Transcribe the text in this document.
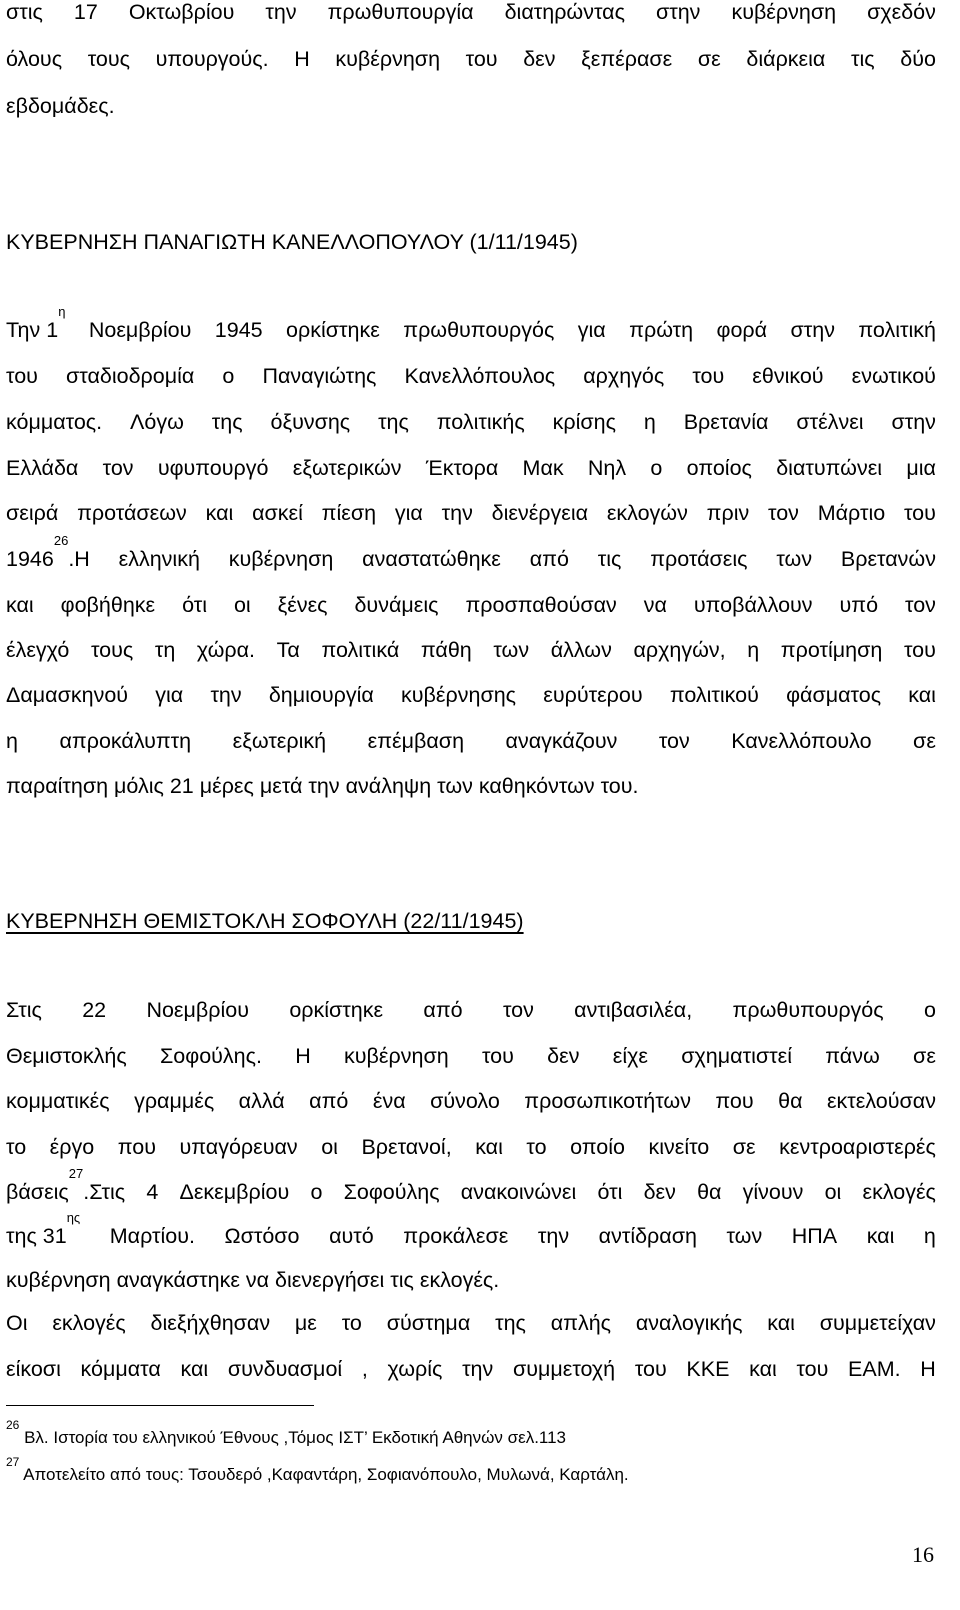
στις 17 Οκτωβρίου την πρωθυπουργία διατηρώντας στην κυβέρνηση σχεδόν
όλους τους υπουργούς. Η κυβέρνηση του δεν ξεπέρασε σε διάρκεια τις δύο
εβδομάδες.
ΚΥΒΕΡΝΗΣΗ ΠΑΝΑΓΙΩΤΗ ΚΑΝΕΛΛΟΠΟΥΛΟΥ (1/11/1945)
Την $1^\eta$
Νοεμβρίου 1945 ορκίστηκε πρωθυπουργός για πρώτη φορά στην πολιτική
του σταδιοδρομία ο Παναγιώτης Κανελλόπουλος αρχηγός του εθνικού ενωτικού
κόμματος. Λόγω της όξυνσης της πολιτικής κρίσης η Βρετανία στέλνει στην
Ελλάδα τον υφυπουργό εξωτερικών Έκτορα Μακ Νηλ ο οποίος διατυπώνει μια
σειρά προτάσεων και ασκεί πίεση για την διενέργεια εκλογών πριν τον Μάρτιο του
1946$^{26}$.Η ελληνική κυβέρνηση αναστατώθηκε από τις προτάσεις των Βρετανών
και φοβήθηκε ότι οι ξένες δυνάμεις προσπαθούσαν να υποβάλλουν υπό τον
έλεγχό τους τη χώρα. Τα πολιτικά πάθη των άλλων αρχηγών, η προτίμηση του
Δαμασκηνού για την δημιουργία κυβέρνησης ευρύτερου πολιτικού φάσματος και
η απροκάλυπτη εξωτερική επέμβαση αναγκάζουν τον Κανελλόπουλο σε
παραίτηση μόλις 21 μέρες μετά την ανάληψη των καθηκόντων του.
ΚΥΒΕΡΝΗΣΗ ΘΕΜΙΣΤΟΚΛΗ ΣΟΦΟΥΛΗ (22/11/1945)
Στις 22 Νοεμβρίου ορκίστηκε από τον αντιβασιλέα, πρωθυπουργός ο
Θεμιστοκλής Σοφούλης. Η κυβέρνηση του δεν είχε σχηματιστεί πάνω σε
κομματικές γραμμές αλλά από ένα σύνολο προσωπικοτήτων που θα εκτελούσαν
το έργο που υπαγόρευαν οι Βρετανοί, και το οποίο κινείτο σε κεντροαριστερές
βάσεις$^{27}$.Στις 4 Δεκεμβρίου ο Σοφούλης ανακοινώνει ότι δεν θα γίνουν οι εκλογές
της $31^{\eta\varsigma}$
Μαρτίου. Ωστόσο αυτό προκάλεσε την αντίδραση των ΗΠΑ και η
κυβέρνηση αναγκάστηκε να διενεργήσει τις εκλογές.
Οι εκλογές διεξήχθησαν με το σύστημα της απλής αναλογικής και συμμετείχαν
είκοσι κόμματα και συνδυασμοί , χωρίς την συμμετοχή του ΚΚΕ και του ΕΑΜ. Η
$^{26}$ Βλ. Ιστορία του ελληνικού Έθνους ,Τόμος ΙΣΤ’ Εκδοτική Αθηνών σελ.113
$^{27}$ Αποτελείτο από τους: Τσουδερό ,Καφαντάρη, Σοφιανόπουλο, Μυλωνά, Καρτάλη.
16
